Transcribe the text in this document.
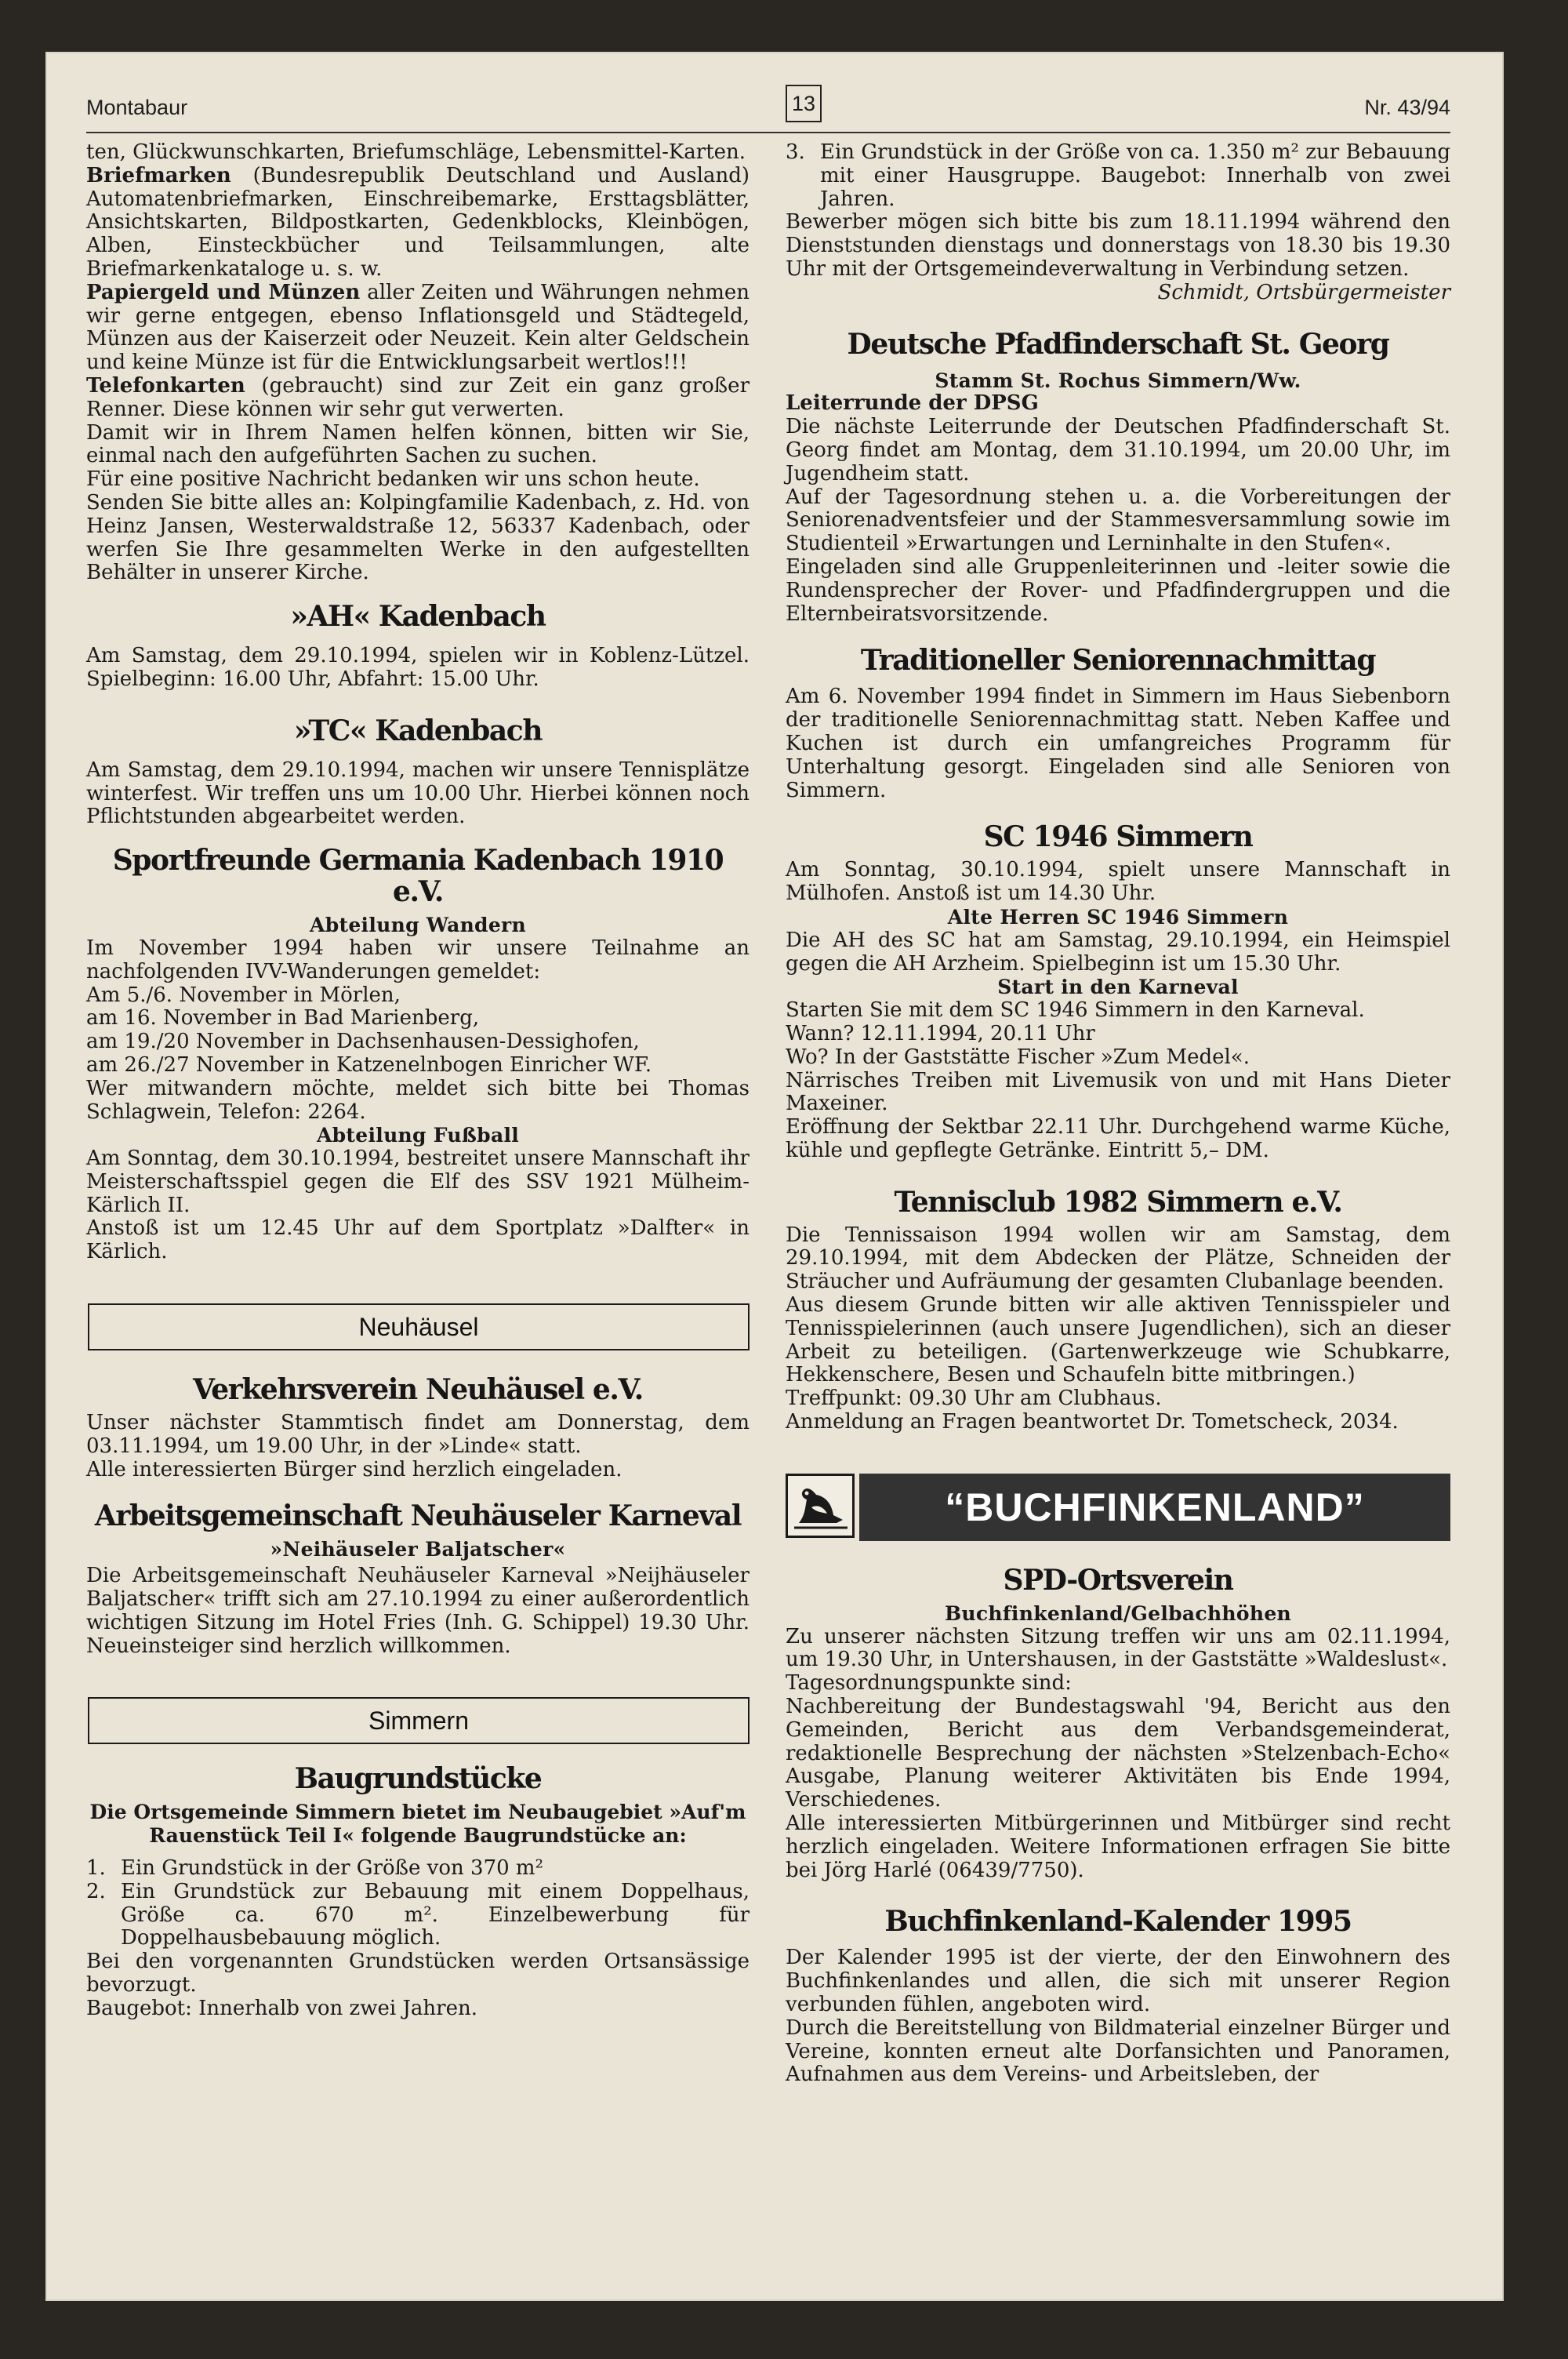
Montabaur	13	Nr. 43/94

ten, Glückwunschkarten, Briefumschläge, Lebensmittel-Karten.

Briefmarken (Bundesrepublik Deutschland und Ausland) Automatenbriefmarken, Einschreibemarke, Ersttagsblätter, Ansichtskarten, Bildpostkarten, Gedenkblocks, Kleinbögen, Alben, Einsteckbücher und Teilsammlungen, alte Briefmarkenkataloge u. s. w.

Papiergeld und Münzen aller Zeiten und Währungen nehmen wir gerne entgegen, ebenso Inflationsgeld und Städtegeld, Münzen aus der Kaiserzeit oder Neuzeit. Kein alter Geldschein und keine Münze ist für die Entwicklungsarbeit wertlos!!!

Telefonkarten (gebraucht) sind zur Zeit ein ganz großer Renner. Diese können wir sehr gut verwerten.

Damit wir in Ihrem Namen helfen können, bitten wir Sie, einmal nach den aufgeführten Sachen zu suchen.

Für eine positive Nachricht bedanken wir uns schon heute.

Senden Sie bitte alles an: Kolpingfamilie Kadenbach, z. Hd. von Heinz Jansen, Westerwaldstraße 12, 56337 Kadenbach, oder werfen Sie Ihre gesammelten Werke in den aufgestellten Behälter in unserer Kirche.

»AH« Kadenbach

Am Samstag, dem 29.10.1994, spielen wir in Koblenz-Lützel. Spielbeginn: 16.00 Uhr, Abfahrt: 15.00 Uhr.

»TC« Kadenbach

Am Samstag, dem 29.10.1994, machen wir unsere Tennisplätze winterfest. Wir treffen uns um 10.00 Uhr. Hierbei können noch Pflichtstunden abgearbeitet werden.

Sportfreunde Germania Kadenbach 1910 e.V.
Abteilung Wandern

Im November 1994 haben wir unsere Teilnahme an nachfolgenden IVV-Wanderungen gemeldet:

Am 5./6. November in Mörlen,

am 16. November in Bad Marienberg,

am 19./20 November in Dachsenhausen-Dessighofen,

am 26./27 November in Katzenelnbogen Einricher WF.

Wer mitwandern möchte, meldet sich bitte bei Thomas Schlagwein, Telefon: 2264.

Abteilung Fußball

Am Sonntag, dem 30.10.1994, bestreitet unsere Mannschaft ihr Meisterschaftsspiel gegen die Elf des SSV 1921 Mülheim-Kärlich II.

Anstoß ist um 12.45 Uhr auf dem Sportplatz »Dalfter« in Kärlich.

Neuhäusel
Verkehrsverein Neuhäusel e.V.

Unser nächster Stammtisch findet am Donnerstag, dem 03.11.1994, um 19.00 Uhr, in der »Linde« statt.

Alle interessierten Bürger sind herzlich eingeladen.

Arbeitsgemeinschaft Neuhäuseler Karneval
»Neihäuseler Baljatscher«

Die Arbeitsgemeinschaft Neuhäuseler Karneval »Neijhäuseler Baljatscher« trifft sich am 27.10.1994 zu einer außerordentlich wichtigen Sitzung im Hotel Fries (Inh. G. Schippel) 19.30 Uhr. Neueinsteiger sind herzlich willkommen.

Simmern
Baugrundstücke
Die Ortsgemeinde Simmern bietet im Neubaugebiet »Auf'm Rauenstück Teil I« folgende Baugrundstücke an:
1. Ein Grundstück in der Größe von 370 m²
2. Ein Grundstück zur Bebauung mit einem Doppelhaus, Größe ca. 670 m². Einzelbewerbung für Doppelhausbebauung möglich.

Bei den vorgenannten Grundstücken werden Ortsansässige bevorzugt.

Baugebot: Innerhalb von zwei Jahren.

3. Ein Grundstück in der Größe von ca. 1.350 m² zur Bebauung mit einer Hausgruppe. Baugebot: Innerhalb von zwei Jahren.

Bewerber mögen sich bitte bis zum 18.11.1994 während den Dienststunden dienstags und donnerstags von 18.30 bis 19.30 Uhr mit der Ortsgemeindeverwaltung in Verbindung setzen.

Schmidt, Ortsbürgermeister

Deutsche Pfadfinderschaft St. Georg
Stamm St. Rochus Simmern/Ww.

Leiterrunde der DPSG

Die nächste Leiterrunde der Deutschen Pfadfinderschaft St. Georg findet am Montag, dem 31.10.1994, um 20.00 Uhr, im Jugendheim statt.

Auf der Tagesordnung stehen u. a. die Vorbereitungen der Seniorenadventsfeier und der Stammesversammlung sowie im Studienteil »Erwartungen und Lerninhalte in den Stufen«.

Eingeladen sind alle Gruppenleiterinnen und -leiter sowie die Rundensprecher der Rover- und Pfadfindergruppen und die Elternbeiratsvorsitzende.

Traditioneller Seniorennachmittag

Am 6. November 1994 findet in Simmern im Haus Siebenborn der traditionelle Seniorennachmittag statt. Neben Kaffee und Kuchen ist durch ein umfangreiches Programm für Unterhaltung gesorgt. Eingeladen sind alle Senioren von Simmern.

SC 1946 Simmern

Am Sonntag, 30.10.1994, spielt unsere Mannschaft in Mülhofen. Anstoß ist um 14.30 Uhr.

Alte Herren SC 1946 Simmern

Die AH des SC hat am Samstag, 29.10.1994, ein Heimspiel gegen die AH Arzheim. Spielbeginn ist um 15.30 Uhr.

Start in den Karneval

Starten Sie mit dem SC 1946 Simmern in den Karneval.

Wann? 12.11.1994, 20.11 Uhr

Wo? In der Gaststätte Fischer »Zum Medel«.

Närrisches Treiben mit Livemusik von und mit Hans Dieter Maxeiner.

Eröffnung der Sektbar 22.11 Uhr. Durchgehend warme Küche, kühle und gepflegte Getränke. Eintritt 5,– DM.

Tennisclub 1982 Simmern e.V.

Die Tennissaison 1994 wollen wir am Samstag, dem 29.10.1994, mit dem Abdecken der Plätze, Schneiden der Sträucher und Aufräumung der gesamten Clubanlage beenden.

Aus diesem Grunde bitten wir alle aktiven Tennisspieler und Tennisspielerinnen (auch unsere Jugendlichen), sich an dieser Arbeit zu beteiligen. (Gartenwerkzeuge wie Schubkarre, Hekkenschere, Besen und Schaufeln bitte mitbringen.)

Treffpunkt: 09.30 Uhr am Clubhaus.

Anmeldung an Fragen beantwortet Dr. Tometscheck, 2034.

“BUCHFINKENLAND”
SPD-Ortsverein
Buchfinkenland/Gelbachhöhen

Zu unserer nächsten Sitzung treffen wir uns am 02.11.1994, um 19.30 Uhr, in Untershausen, in der Gaststätte »Waldeslust«.

Tagesordnungspunkte sind:

Nachbereitung der Bundestagswahl '94, Bericht aus den Gemeinden, Bericht aus dem Verbandsgemeinderat, redaktionelle Besprechung der nächsten »Stelzenbach-Echo« Ausgabe, Planung weiterer Aktivitäten bis Ende 1994, Verschiedenes.

Alle interessierten Mitbürgerinnen und Mitbürger sind recht herzlich eingeladen. Weitere Informationen erfragen Sie bitte bei Jörg Harlé (06439/7750).

Buchfinkenland-Kalender 1995

Der Kalender 1995 ist der vierte, der den Einwohnern des Buchfinkenlandes und allen, die sich mit unserer Region verbunden fühlen, angeboten wird.

Durch die Bereitstellung von Bildmaterial einzelner Bürger und Vereine, konnten erneut alte Dorfansichten und Panoramen, Aufnahmen aus dem Vereins- und Arbeitsleben, der
